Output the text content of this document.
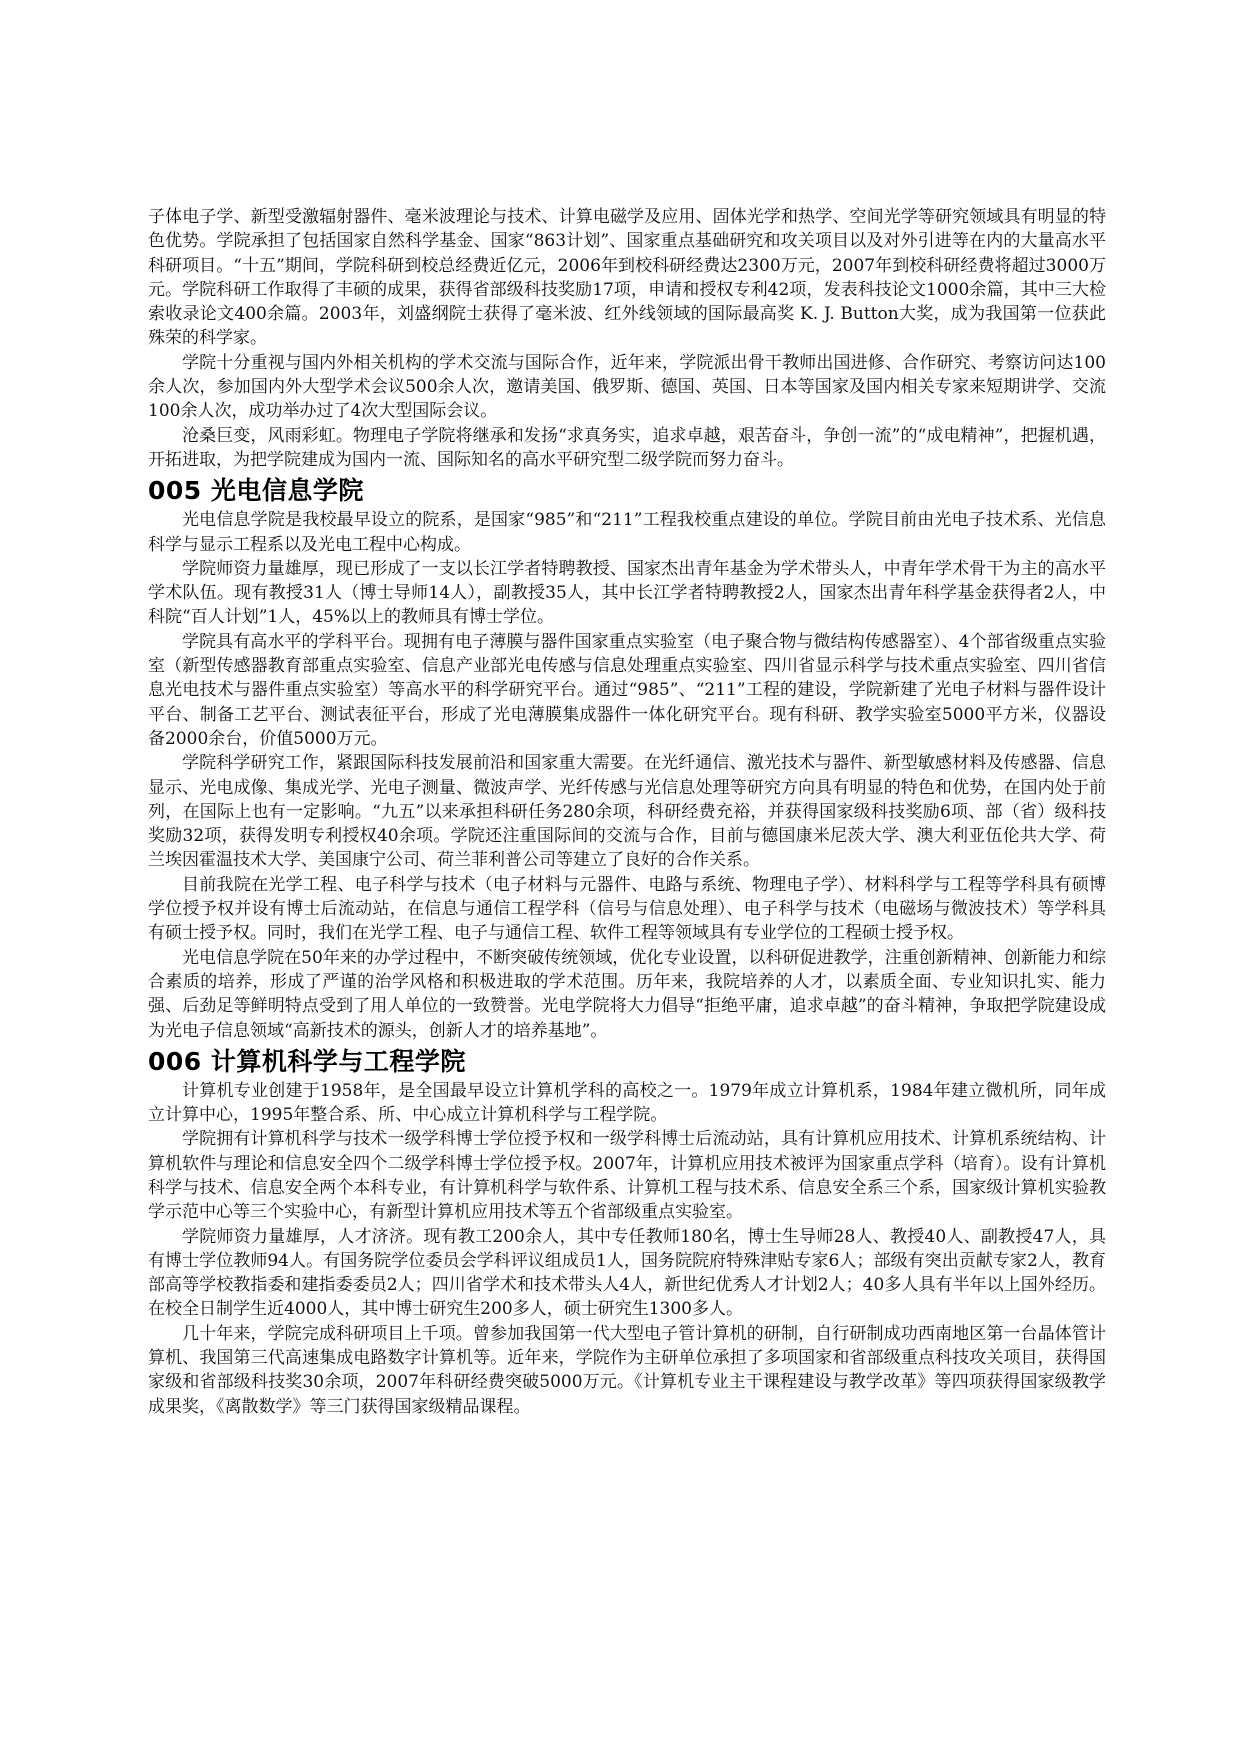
子体电子学、新型受激辐射器件、毫米波理论与技术、计算电磁学及应用、固体光学和热学、空间光学等研究领域具有明显的特色优势。学院承担了包括国家自然科学基金、国家“863计划”、国家重点基础研究和攻关项目以及对外引进等在内的大量高水平科研项目。“十五”期间，学院科研到校总经费近亿元，2006年到校科研经费达2300万元，2007年到校科研经费将超过3000万元。学院科研工作取得了丰硕的成果，获得省部级科技奖励17项，申请和授权专利42项，发表科技论文1000余篇，其中三大检索收录论文400余篇。2003年，刘盛纲院士获得了毫米波、红外线领域的国际最高奖 K. J. Button大奖，成为我国第一位获此殊荣的科学家。

学院十分重视与国内外相关机构的学术交流与国际合作，近年来，学院派出骨干教师出国进修、合作研究、考察访问达100余人次，参加国内外大型学术会议500余人次，邀请美国、俄罗斯、德国、英国、日本等国家及国内相关专家来短期讲学、交流100余人次，成功举办过了4次大型国际会议。

沧桑巨变，风雨彩虹。物理电子学院将继承和发扬“求真务实，追求卓越，艰苦奋斗，争创一流”的“成电精神”，把握机遇，开拓进取，为把学院建成为国内一流、国际知名的高水平研究型二级学院而努力奋斗。

005 光电信息学院

光电信息学院是我校最早设立的院系，是国家“985”和“211”工程我校重点建设的单位。学院目前由光电子技术系、光信息科学与显示工程系以及光电工程中心构成。

学院师资力量雄厚，现已形成了一支以长江学者特聘教授、国家杰出青年基金为学术带头人，中青年学术骨干为主的高水平学术队伍。现有教授31人（博士导师14人），副教授35人，其中长江学者特聘教授2人，国家杰出青年科学基金获得者2人，中科院“百人计划”1人，45%以上的教师具有博士学位。

学院具有高水平的学科平台。现拥有电子薄膜与器件国家重点实验室（电子聚合物与微结构传感器室）、4个部省级重点实验室（新型传感器教育部重点实验室、信息产业部光电传感与信息处理重点实验室、四川省显示科学与技术重点实验室、四川省信息光电技术与器件重点实验室）等高水平的科学研究平台。通过“985”、“211”工程的建设，学院新建了光电子材料与器件设计平台、制备工艺平台、测试表征平台，形成了光电薄膜集成器件一体化研究平台。现有科研、教学实验室5000平方米，仪器设备2000余台，价值5000万元。

学院科学研究工作，紧跟国际科技发展前沿和国家重大需要。在光纤通信、激光技术与器件、新型敏感材料及传感器、信息显示、光电成像、集成光学、光电子测量、微波声学、光纤传感与光信息处理等研究方向具有明显的特色和优势，在国内处于前列，在国际上也有一定影响。“九五”以来承担科研任务280余项，科研经费充裕，并获得国家级科技奖励6项、部（省）级科技奖励32项，获得发明专利授权40余项。学院还注重国际间的交流与合作，目前与德国康米尼茨大学、澳大利亚伍伦共大学、荷兰埃因霍温技术大学、美国康宁公司、荷兰菲利普公司等建立了良好的合作关系。

目前我院在光学工程、电子科学与技术（电子材料与元器件、电路与系统、物理电子学）、材料科学与工程等学科具有硕博学位授予权并设有博士后流动站，在信息与通信工程学科（信号与信息处理）、电子科学与技术（电磁场与微波技术）等学科具有硕士授予权。同时，我们在光学工程、电子与通信工程、软件工程等领域具有专业学位的工程硕士授予权。

光电信息学院在50年来的办学过程中，不断突破传统领域，优化专业设置，以科研促进教学，注重创新精神、创新能力和综合素质的培养，形成了严谨的治学风格和积极进取的学术范围。历年来，我院培养的人才，以素质全面、专业知识扎实、能力强、后劲足等鲜明特点受到了用人单位的一致赞誉。光电学院将大力倡导“拒绝平庸，追求卓越”的奋斗精神，争取把学院建设成为光电子信息领域“高新技术的源头，创新人才的培养基地”。

006 计算机科学与工程学院

计算机专业创建于1958年，是全国最早设立计算机学科的高校之一。1979年成立计算机系，1984年建立微机所，同年成立计算中心，1995年整合系、所、中心成立计算机科学与工程学院。

学院拥有计算机科学与技术一级学科博士学位授予权和一级学科博士后流动站，具有计算机应用技术、计算机系统结构、计算机软件与理论和信息安全四个二级学科博士学位授予权。2007年，计算机应用技术被评为国家重点学科（培育）。设有计算机科学与技术、信息安全两个本科专业，有计算机科学与软件系、计算机工程与技术系、信息安全系三个系，国家级计算机实验教学示范中心等三个实验中心，有新型计算机应用技术等五个省部级重点实验室。

学院师资力量雄厚，人才济济。现有教工200余人，其中专任教师180名，博士生导师28人、教授40人、副教授47人，具有博士学位教师94人。有国务院学位委员会学科评议组成员1人，国务院院府特殊津贴专家6人；部级有突出贡献专家2人，教育部高等学校教指委和建指委委员2人；四川省学术和技术带头人4人，新世纪优秀人才计划2人；40多人具有半年以上国外经历。在校全日制学生近4000人，其中博士研究生200多人，硕士研究生1300多人。

几十年来，学院完成科研项目上千项。曾参加我国第一代大型电子管计算机的研制，自行研制成功西南地区第一台晶体管计算机、我国第三代高速集成电路数字计算机等。近年来，学院作为主研单位承担了多项国家和省部级重点科技攻关项目，获得国家级和省部级科技奖30余项，2007年科研经费突破5000万元。《计算机专业主干课程建设与教学改革》等四项获得国家级教学成果奖，《离散数学》等三门获得国家级精品课程。
